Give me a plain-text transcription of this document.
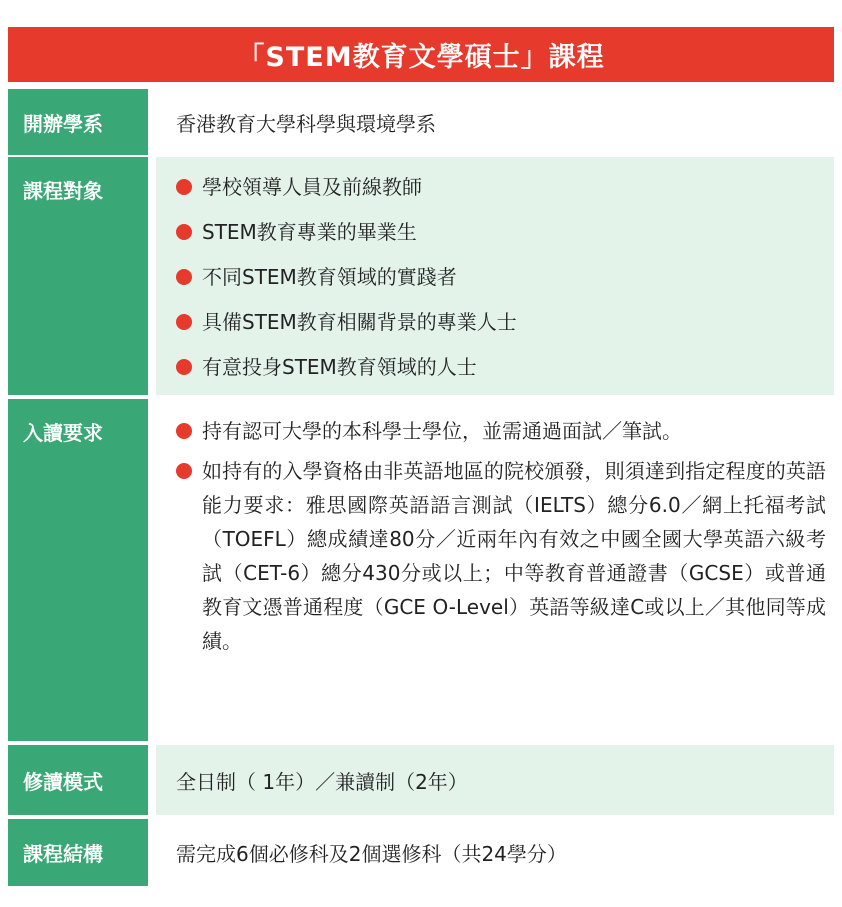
「STEM教育文學碩士」課程
開辦學系	香港教育大學科學與環境學系
課程對象	學校領導人員及前線教師
STEM教育專業的畢業生
不同STEM教育領域的實踐者
具備STEM教育相關背景的專業人士
有意投身STEM教育領域的人士
入讀要求	持有認可大學的本科學士學位，並需通過面試／筆試。
如持有的入學資格由非英語地區的院校頒發，則須達到指定程度的英語能力要求：雅思國際英語語言測試（IELTS）總分6.0／網上托福考試（TOEFL）總成績達80分／近兩年內有效之中國全國大學英語六級考試（CET-6）總分430分或以上；中等教育普通證書（GCSE）或普通教育文憑普通程度（GCE O-Level）英語等級達C或以上／其他同等成績。
修讀模式	全日制（ 1年）／兼讀制（2年）
課程結構	需完成6個必修科及2個選修科（共24學分）
